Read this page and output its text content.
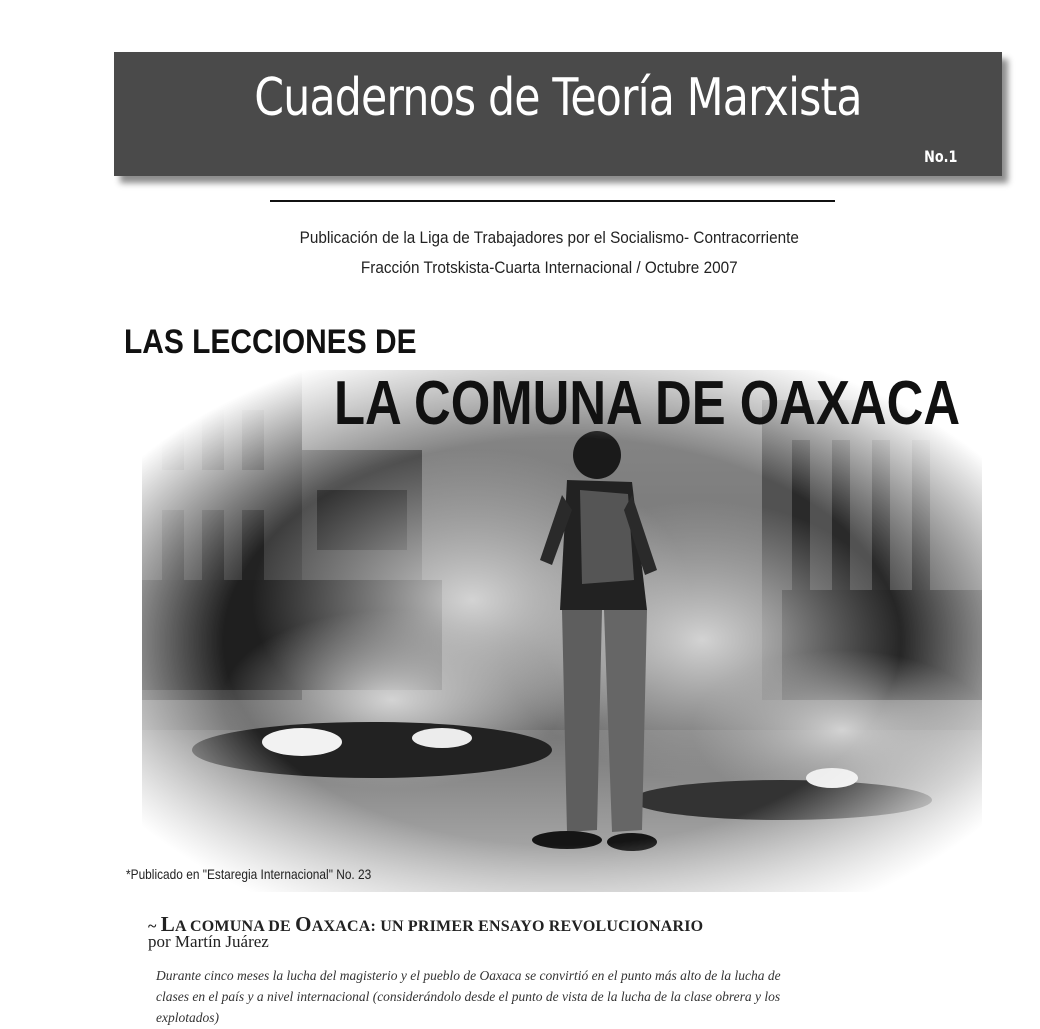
Cuadernos de Teoría Marxista
No.1
Publicación de la Liga de Trabajadores por el Socialismo- Contracorriente
Fracción Trotskista-Cuarta Internacional / Octubre 2007
LAS LECCIONES DE
LA COMUNA DE OAXACA
*Publicado en "Estaregia Internacional" No. 23
~ LA COMUNA DE OAXACA: UN PRIMER ENSAYO REVOLUCIONARIO
por Martín Juárez
Durante cinco meses la lucha del magisterio y el pueblo de Oaxaca se convirtió en el punto más alto de la lucha de clases en el país y a nivel internacional (considerándolo desde el punto de vista de la lucha de la clase obrera y los explotados)
